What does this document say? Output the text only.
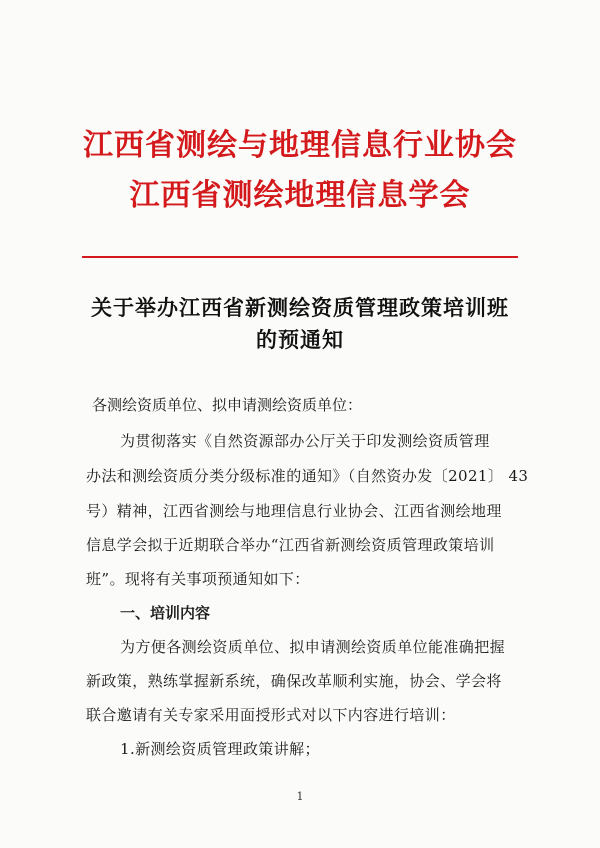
江西省测绘与地理信息行业协会
江西省测绘地理信息学会
关于举办江西省新测绘资质管理政策培训班
的预通知
各测绘资质单位、拟申请测绘资质单位：
为贯彻落实《自然资源部办公厅关于印发测绘资质管理
办法和测绘资质分类分级标准的通知》（自然资办发〔2021〕 43
号）精神，江西省测绘与地理信息行业协会、江西省测绘地理
信息学会拟于近期联合举办“江西省新测绘资质管理政策培训
班”。现将有关事项预通知如下：
一、培训内容
为方便各测绘资质单位、拟申请测绘资质单位能准确把握
新政策，熟练掌握新系统，确保改革顺利实施，协会、学会将
联合邀请有关专家采用面授形式对以下内容进行培训：
1.新测绘资质管理政策讲解；
1
